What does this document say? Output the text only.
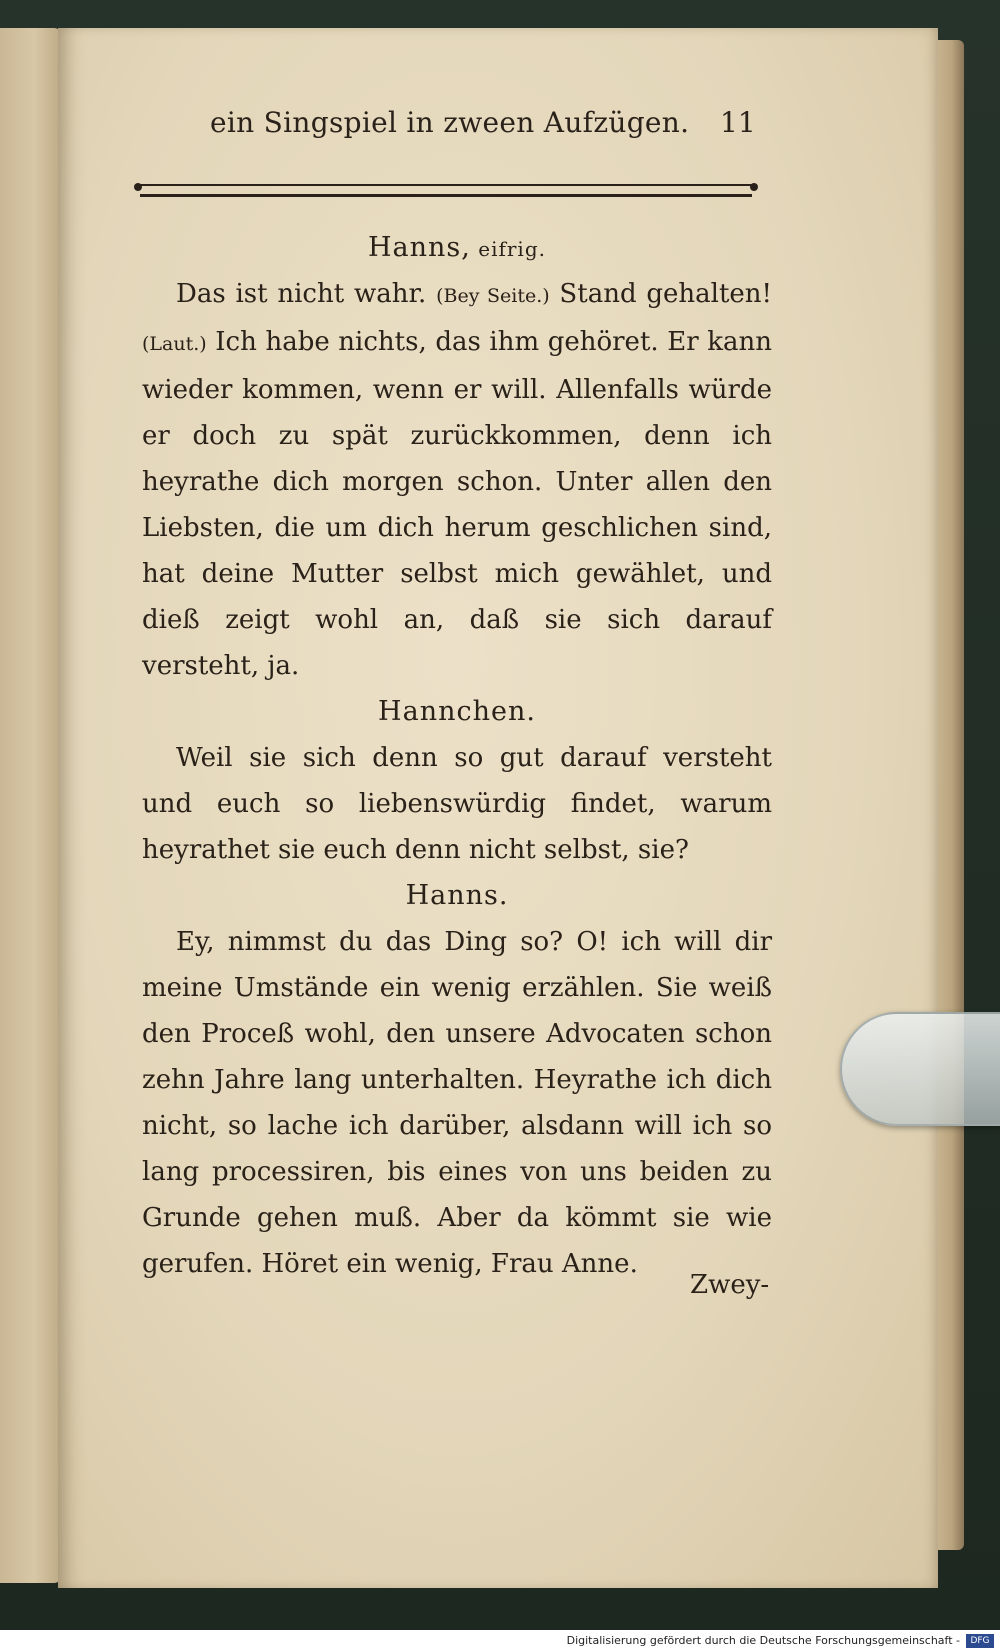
ein Singspiel in zween Aufzügen.	11
Hanns, eifrig.

Das ist nicht wahr. (Bey Seite.) Stand gehalten! (Laut.) Ich habe nichts, das ihm gehöret. Er kann wieder kommen, wenn er will. Allenfalls würde er doch zu spät zurückkommen, denn ich heyrathe dich morgen schon. Unter allen den Liebsten, die um dich herum geschlichen sind, hat deine Mutter selbst mich gewählet, und dieß zeigt wohl an, daß sie sich darauf versteht, ja.

Hannchen.

Weil sie sich denn so gut darauf versteht und euch so liebenswürdig findet, warum heyrathet sie euch denn nicht selbst, sie?

Hanns.

Ey, nimmst du das Ding so? O! ich will dir meine Umstände ein wenig erzählen. Sie weiß den Proceß wohl, den unsere Advocaten schon zehn Jahre lang unterhalten. Heyrathe ich dich nicht, so lache ich darüber, alsdann will ich so lang processiren, bis eines von uns beiden zu Grunde gehen muß. Aber da kömmt sie wie gerufen. Höret ein wenig, Frau Anne.

Zwey-
Digitalisierung gefördert durch die Deutsche Forschungsgemeinschaft -	DFG
